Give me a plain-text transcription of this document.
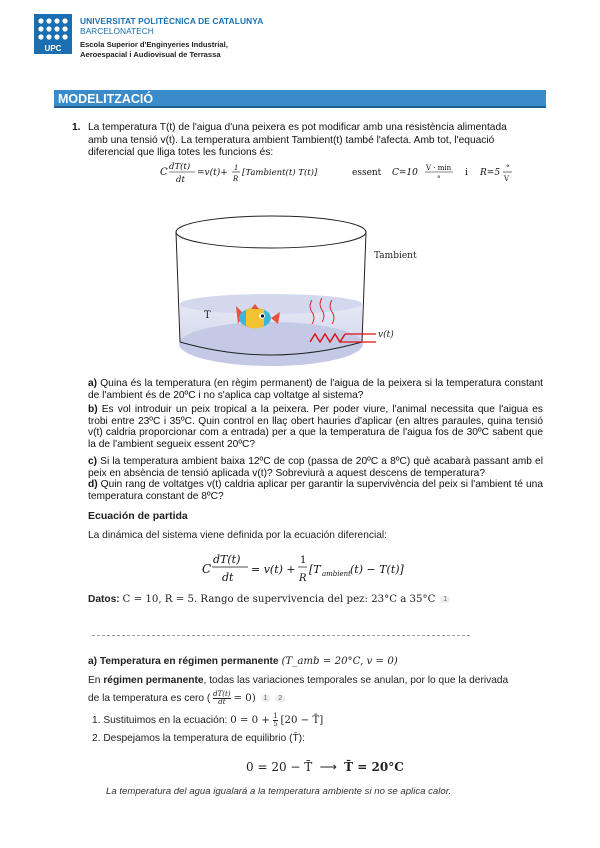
UPC
UNIVERSITAT POLITÈCNICA DE CATALUNYA
BARCELONATECH
Escola Superior d'Enginyeries Industrial,
Aeroespacial i Audiovisual de Terrassa
MODELITZACIÓ
1. La temperatura T(t) de l'aigua d'una peixera es pot modificar amb una resistència alimentada
amb una tensió v(t). La temperatura ambient Tambient(t) també l'afecta. Amb tot, l'equació
diferencial que lliga totes les funcions és:
C dT(t)
dt
=v(t)+ 1
R
[Tambient(t) T(t)]	essent C=10 V · min
°
i R=5 °
V
T
Tambient
v(t)
a) Quina és la temperatura (en règim permanent) de l'aigua de la peixera si la temperatura constant de l'ambient és de 20ºC i no s'aplica cap voltatge al sistema?
b) Es vol introduir un peix tropical a la peixera. Per poder viure, l'animal necessita que l'aigua es trobi entre 23ºC i 35ºC. Quin control en llaç obert hauries d'aplicar (en altres paraules, quina tensió v(t) caldria proporcionar com a entrada) per a que la temperatura de l'aigua fos de 30ºC sabent que la de l'ambient segueix essent 20ºC?
c) Si la temperatura ambient baixa 12ºC de cop (passa de 20ºC a 8ºC) què acabarà passant amb el peix en absència de tensió aplicada v(t)? Sobreviurà a aquest descens de temperatura?
d) Quin rang de voltatges v(t) caldria aplicar per garantir la supervivència del peix si l'ambient té una temperatura constant de 8ºC?
Ecuación de partida
La dinámica del sistema viene definida por la ecuación diferencial:
C
dT(t)
dt
= v(t) +
1
R
[T ambient (t) − T(t)]
Datos: C = 10, R = 5. Rango de supervivencia del pez: 23°C a 35°C 1
a) Temperatura en régimen permanente (T_amb = 20°C, v = 0)
En régimen permanente, todas las variaciones temporales se anulan, por lo que la derivada
de la temperatura es cero ( $\frac{dT(t)}{dt} = 0$) 1 2
1. Sustituimos en la ecuación: $0 = 0 + \frac{1}{5} [20$ − T̄]
2. Despejamos la temperatura de equilibrio (T̄):
0 = 20 − T̄ ⟶ T̄ = 20°C
La temperatura del agua igualará a la temperatura ambiente si no se aplica calor.
